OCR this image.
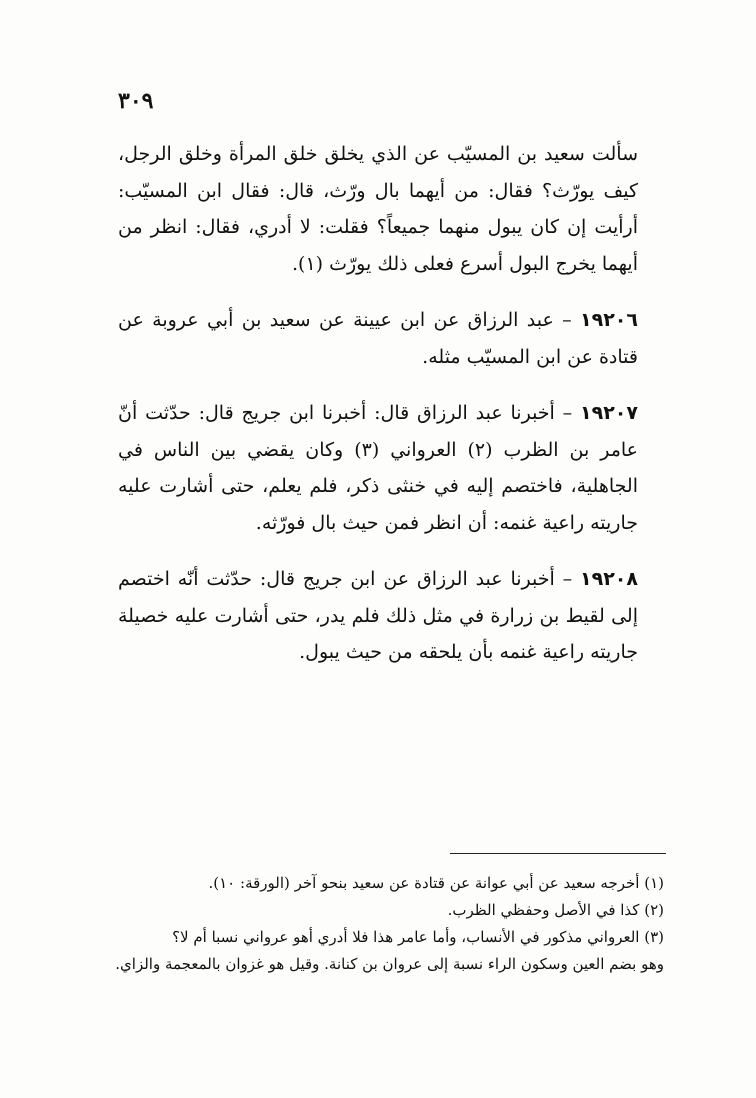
٣٠٩

سألت سعيد بن المسيّب عن الذي يخلق خلق المرأة وخلق الرجل، كيف يورّث؟ فقال: من أيهما بال ورّث، قال: فقال ابن المسيّب: أرأيت إن كان يبول منهما جميعاً؟ فقلت: لا أدري، فقال: انظر من أيهما يخرج البول أسرع فعلى ذلك يورّث (١).

١٩٢٠٦ – عبد الرزاق عن ابن عيينة عن سعيد بن أبي عروبة عن قتادة عن ابن المسيّب مثله.

١٩٢٠٧ – أخبرنا عبد الرزاق قال: أخبرنا ابن جريج قال: حدّثت أنّ عامر بن الظرب (٢) العرواني (٣) وكان يقضي بين الناس في الجاهلية، فاختصم إليه في خنثى ذكر، فلم يعلم، حتى أشارت عليه جاريته راعية غنمه: أن انظر فمن حيث بال فورّثه.

١٩٢٠٨ – أخبرنا عبد الرزاق عن ابن جريج قال: حدّثت أنّه اختصم إلى لقيط بن زرارة في مثل ذلك فلم يدر، حتى أشارت عليه خصيلة جاريته راعية غنمه بأن يلحقه من حيث يبول.

(١) أخرجه سعيد عن أبي عوانة عن قتادة عن سعيد بنحو آخر (الورقة: ١٠).

(٢) كذا في الأصل وحفظي الظرب.

(٣) العرواني مذكور في الأنساب، وأما عامر هذا فلا أدري أهو عرواني نسبا أم لا؟

وهو بضم العين وسكون الراء نسبة إلى عروان بن كنانة. وقيل هو غزوان بالمعجمة والزاي.
